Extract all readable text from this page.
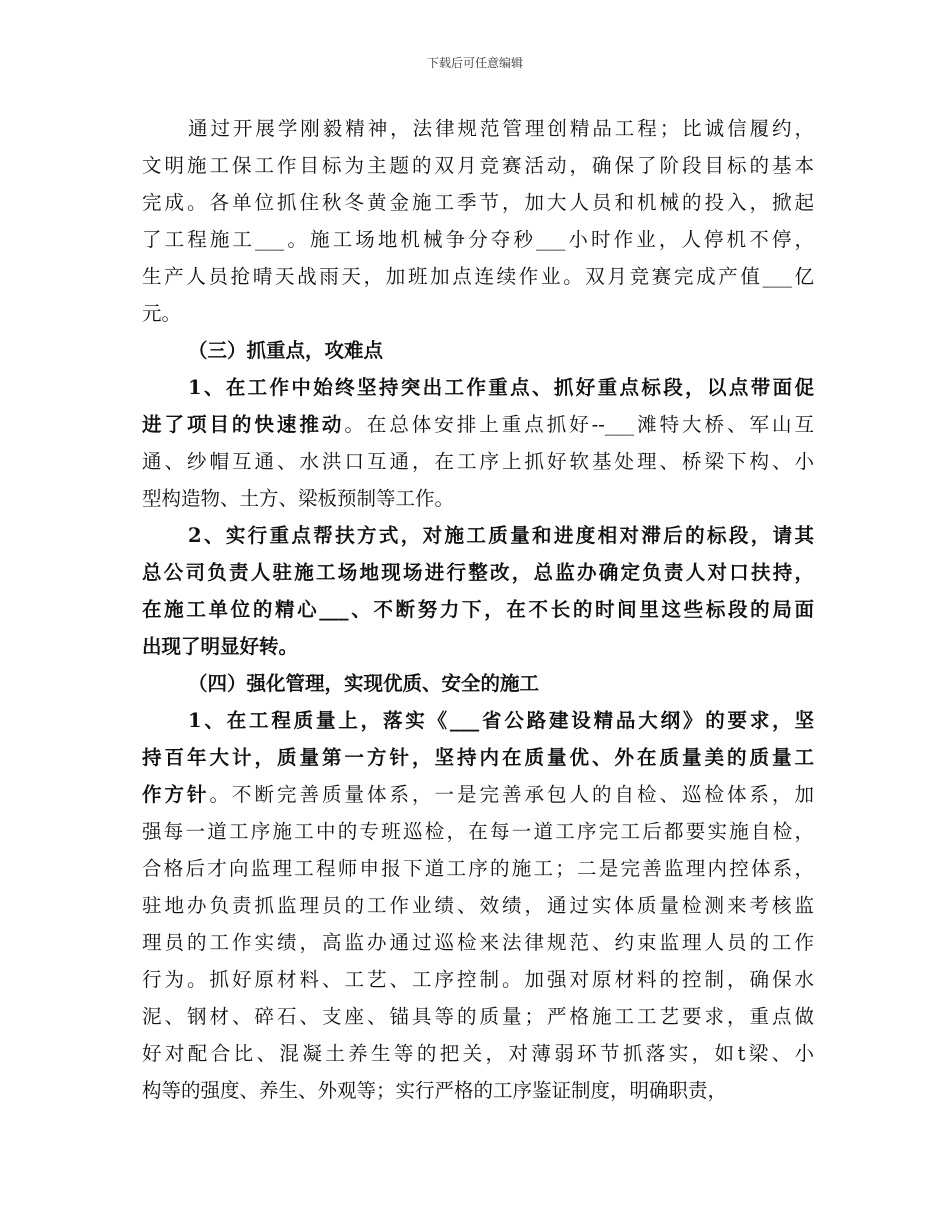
下载后可任意编辑
通过开展学刚毅精神，法律规范管理创精品工程；比诚信履约，
文明施工保工作目标为主题的双月竞赛活动，确保了阶段目标的基本
完成。各单位抓住秋冬黄金施工季节，加大人员和机械的投入，掀起
了工程施工___。施工场地机械争分夺秒___小时作业，人停机不停，
生产人员抢晴天战雨天，加班加点连续作业。双月竞赛完成产值___亿
元。
（三）抓重点，攻难点
1、在工作中始终坚持突出工作重点、抓好重点标段，以点带面促
进了项目的快速推动。在总体安排上重点抓好--___滩特大桥、军山互
通、纱帽互通、水洪口互通，在工序上抓好软基处理、桥梁下构、小
型构造物、土方、梁板预制等工作。
2、实行重点帮扶方式，对施工质量和进度相对滞后的标段，请其
总公司负责人驻施工场地现场进行整改，总监办确定负责人对口扶持，
在施工单位的精心___、不断努力下，在不长的时间里这些标段的局面
出现了明显好转。
（四）强化管理，实现优质、安全的施工
1、在工程质量上，落实《___省公路建设精品大纲》的要求，坚
持百年大计，质量第一方针，坚持内在质量优、外在质量美的质量工
作方针。不断完善质量体系，一是完善承包人的自检、巡检体系，加
强每一道工序施工中的专班巡检，在每一道工序完工后都要实施自检，
合格后才向监理工程师申报下道工序的施工；二是完善监理内控体系，
驻地办负责抓监理员的工作业绩、效绩，通过实体质量检测来考核监
理员的工作实绩，高监办通过巡检来法律规范、约束监理人员的工作
行为。抓好原材料、工艺、工序控制。加强对原材料的控制，确保水
泥、钢材、碎石、支座、锚具等的质量；严格施工工艺要求，重点做
好对配合比、混凝土养生等的把关，对薄弱环节抓落实，如t梁、小
构等的强度、养生、外观等；实行严格的工序鉴证制度，明确职责，
